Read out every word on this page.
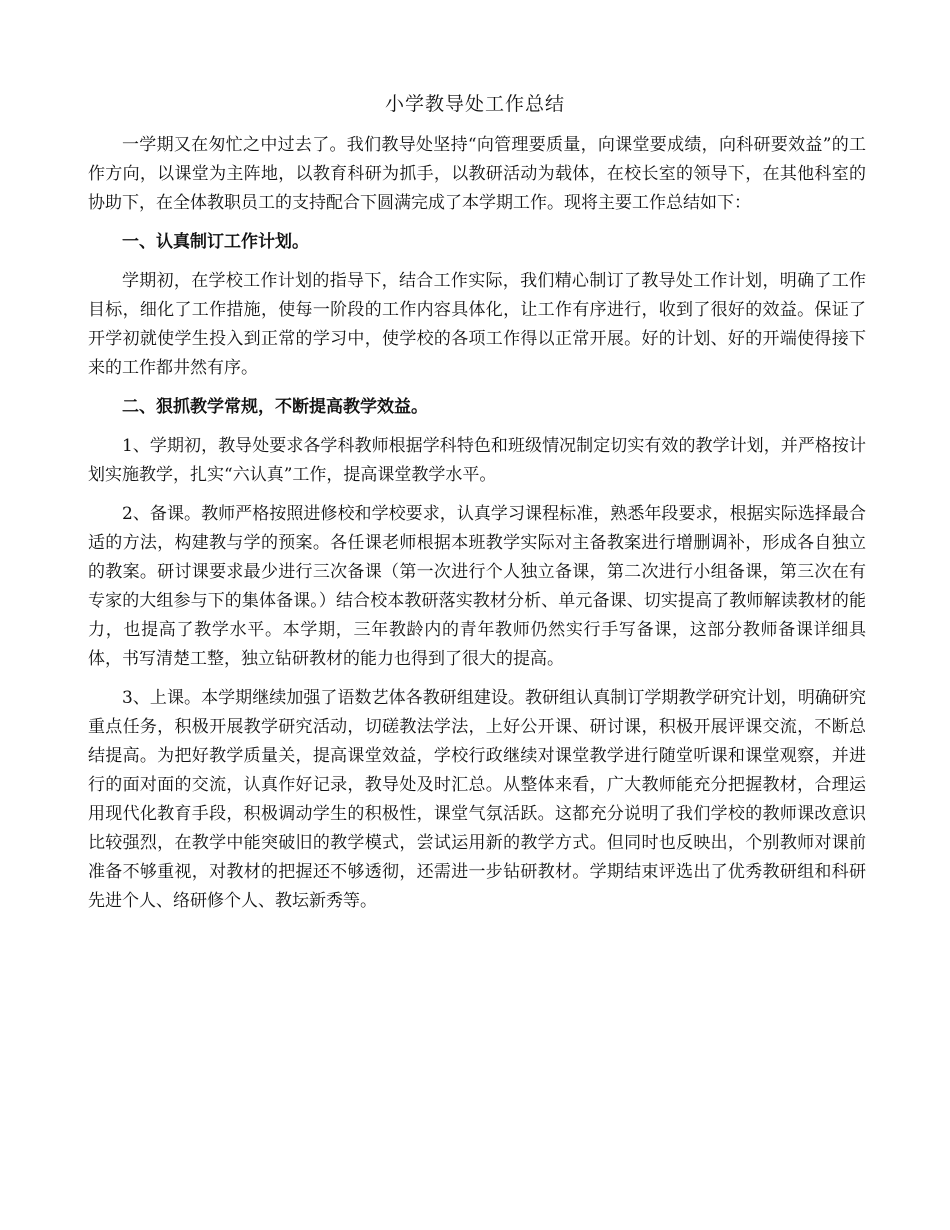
小学教导处工作总结

一学期又在匆忙之中过去了。我们教导处坚持“向管理要质量，向课堂要成绩，向科研要效益”的工作方向，以课堂为主阵地，以教育科研为抓手，以教研活动为载体，在校长室的领导下，在其他科室的协助下，在全体教职员工的支持配合下圆满完成了本学期工作。现将主要工作总结如下：

一、认真制订工作计划。

学期初，在学校工作计划的指导下，结合工作实际，我们精心制订了教导处工作计划，明确了工作目标，细化了工作措施，使每一阶段的工作内容具体化，让工作有序进行，收到了很好的效益。保证了开学初就使学生投入到正常的学习中，使学校的各项工作得以正常开展。好的计划、好的开端使得接下来的工作都井然有序。

二、狠抓教学常规，不断提高教学效益。

1、学期初，教导处要求各学科教师根据学科特色和班级情况制定切实有效的教学计划，并严格按计划实施教学，扎实“六认真”工作，提高课堂教学水平。

2、备课。教师严格按照进修校和学校要求，认真学习课程标准，熟悉年段要求，根据实际选择最合适的方法，构建教与学的预案。各任课老师根据本班教学实际对主备教案进行增删调补，形成各自独立的教案。研讨课要求最少进行三次备课（第一次进行个人独立备课，第二次进行小组备课，第三次在有专家的大组参与下的集体备课。）结合校本教研落实教材分析、单元备课、切实提高了教师解读教材的能力，也提高了教学水平。本学期，三年教龄内的青年教师仍然实行手写备课，这部分教师备课详细具体，书写清楚工整，独立钻研教材的能力也得到了很大的提高。

3、上课。本学期继续加强了语数艺体各教研组建设。教研组认真制订学期教学研究计划，明确研究重点任务，积极开展教学研究活动，切磋教法学法，上好公开课、研讨课，积极开展评课交流，不断总结提高。为把好教学质量关，提高课堂效益，学校行政继续对课堂教学进行随堂听课和课堂观察，并进行的面对面的交流，认真作好记录，教导处及时汇总。从整体来看，广大教师能充分把握教材，合理运用现代化教育手段，积极调动学生的积极性，课堂气氛活跃。这都充分说明了我们学校的教师课改意识比较强烈，在教学中能突破旧的教学模式，尝试运用新的教学方式。但同时也反映出，个别教师对课前准备不够重视，对教材的把握还不够透彻，还需进一步钻研教材。学期结束评选出了优秀教研组和科研先进个人、络研修个人、教坛新秀等。
